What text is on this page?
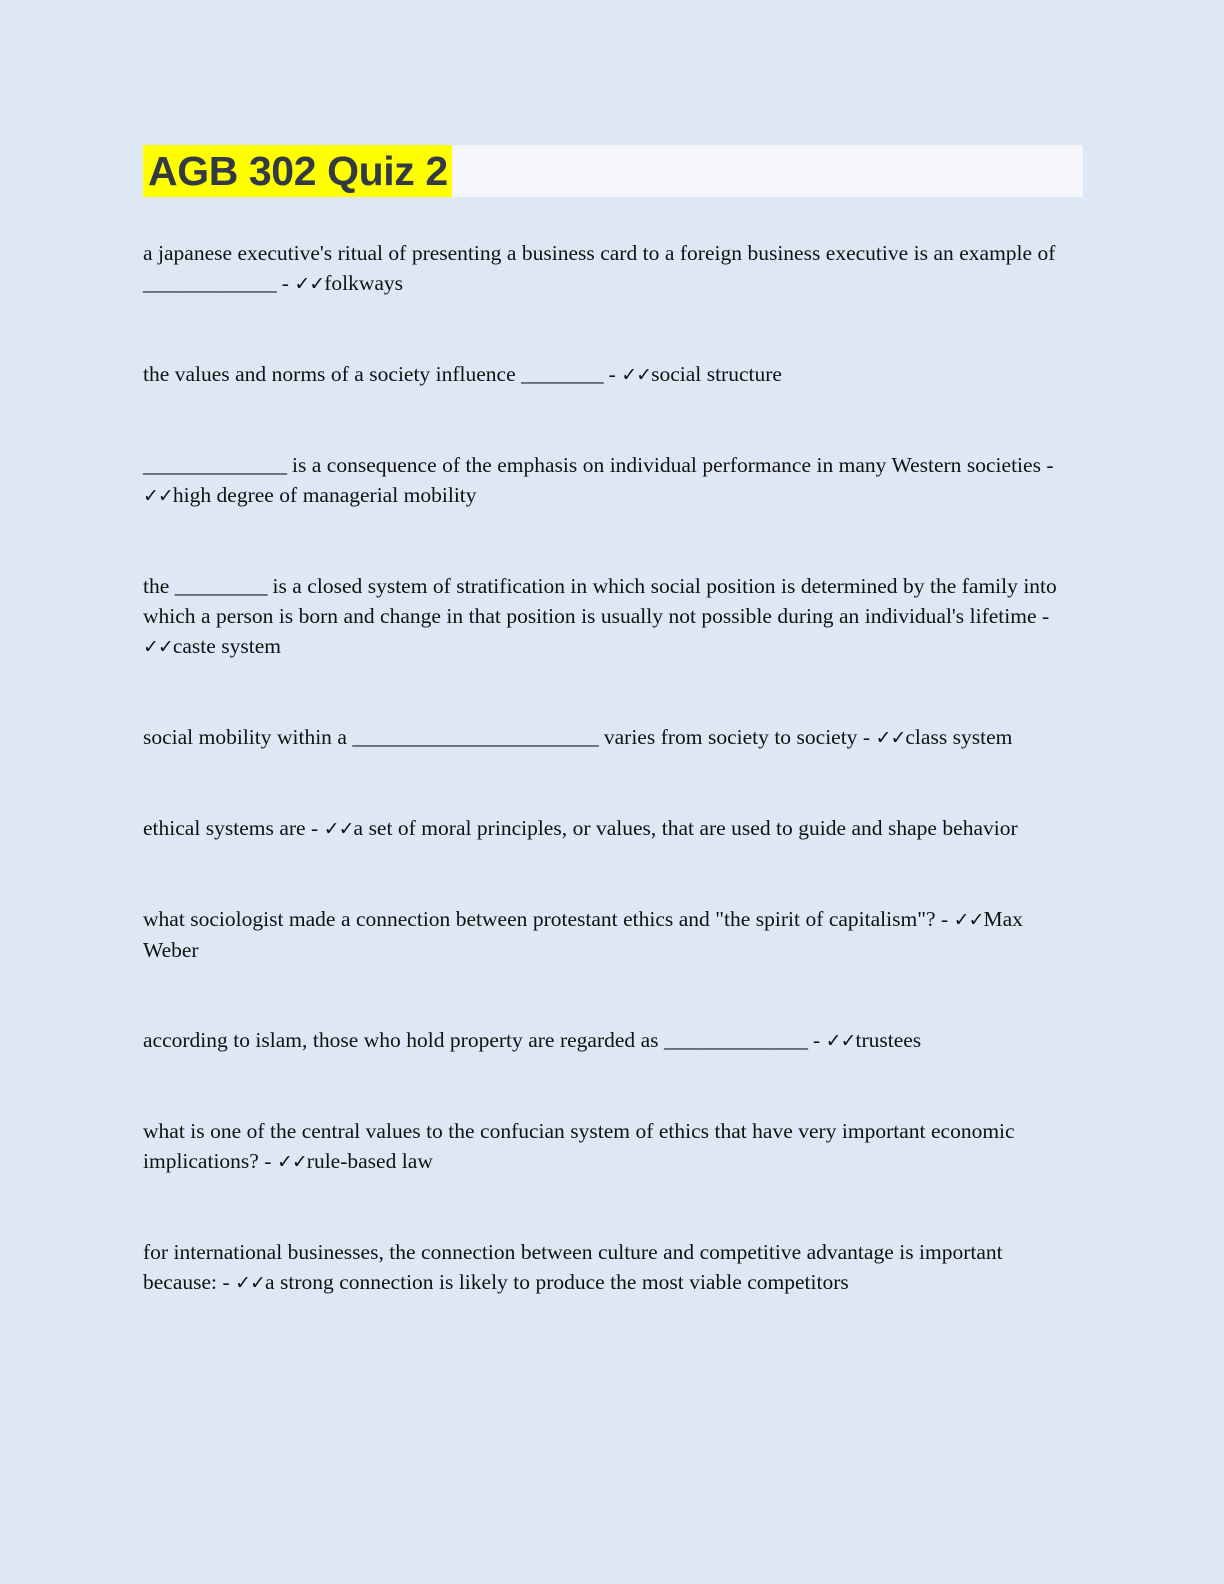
AGB 302 Quiz 2

a japanese executive's ritual of presenting a business card to a foreign business executive is an example of _____________ - ✓✓folkways

the values and norms of a society influence ________ - ✓✓social structure

______________ is a consequence of the emphasis on individual performance in many Western societies - ✓✓high degree of managerial mobility

the _________ is a closed system of stratification in which social position is determined by the family into which a person is born and change in that position is usually not possible during an individual's lifetime - ✓✓caste system

social mobility within a ________________________ varies from society to society - ✓✓class system

ethical systems are - ✓✓a set of moral principles, or values, that are used to guide and shape behavior

what sociologist made a connection between protestant ethics and "the spirit of capitalism"? - ✓✓Max Weber

according to islam, those who hold property are regarded as ______________ - ✓✓trustees

what is one of the central values to the confucian system of ethics that have very important economic implications? - ✓✓rule-based law

for international businesses, the connection between culture and competitive advantage is important because: - ✓✓a strong connection is likely to produce the most viable competitors
